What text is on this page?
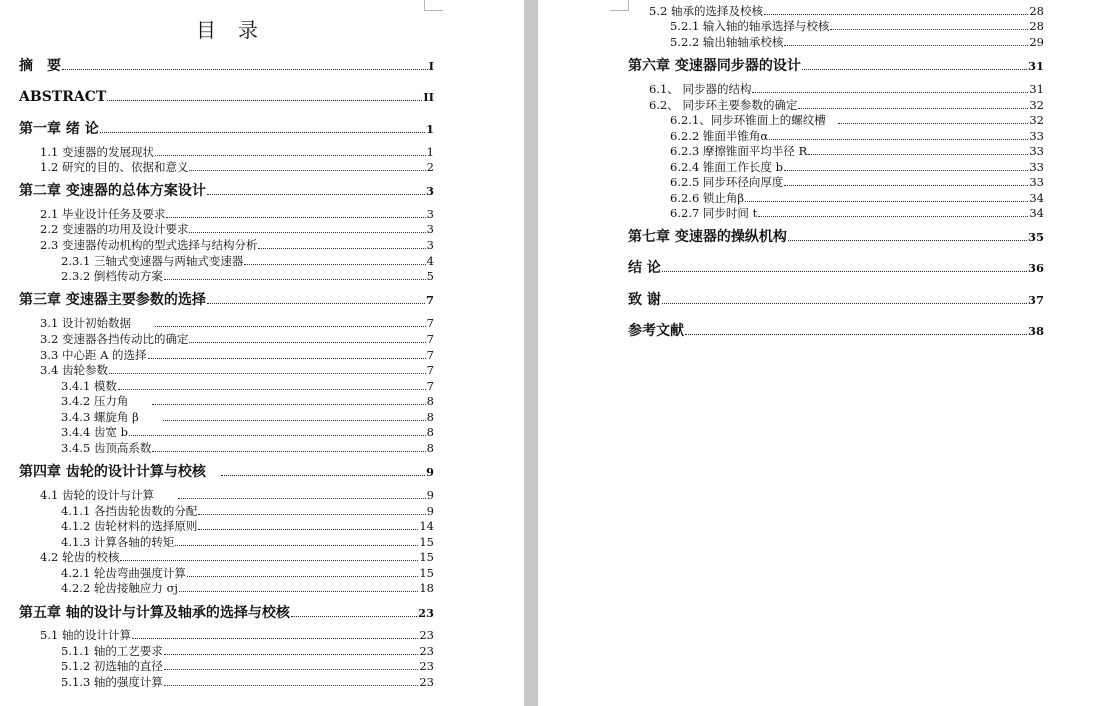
目　录
摘　要	I
ABSTRACT	II
第一章 绪 论	1
1.1 变速器的发展现状	1
1.2 研究的目的、依据和意义	2
第二章 变速器的总体方案设计	3
2.1 毕业设计任务及要求	3
2.2 变速器的功用及设计要求	3
2.3 变速器传动机构的型式选择与结构分析	3
2.3.1 三轴式变速器与两轴式变速器	4
2.3.2 倒档传动方案	5
第三章 变速器主要参数的选择	7
3.1 设计初始数据　　	7
3.2 变速器各挡传动比的确定	7
3.3 中心距 A 的选择	7
3.4 齿轮参数	7
3.4.1 模数	7
3.4.2 压力角　　	8
3.4.3 螺旋角 β　　	8
3.4.4 齿宽 b	8
3.4.5 齿顶高系数	8
第四章 齿轮的设计计算与校核　	9
4.1 齿轮的设计与计算　　	9
4.1.1 各挡齿轮齿数的分配	9
4.1.2 齿轮材料的选择原则	14
4.1.3 计算各轴的转矩	15
4.2 轮齿的校核	15
4.2.1 轮齿弯曲强度计算	15
4.2.2 轮齿接触应力 σj	18
第五章 轴的设计与计算及轴承的选择与校核	23
5.1 轴的设计计算	23
5.1.1 轴的工艺要求	23
5.1.2 初选轴的直径	23
5.1.3 轴的强度计算	23
5.2 轴承的选择及校核	28
5.2.1 输入轴的轴承选择与校核	28
5.2.2 输出轴轴承校核	29
第六章 变速器同步器的设计	31
6.1、 同步器的结构	31
6.2、 同步环主要参数的确定	32
6.2.1、同步环锥面上的螺纹槽　	32
6.2.2 锥面半锥角α	33
6.2.3 摩擦锥面平均半径 R	33
6.2.4 锥面工作长度 b	33
6.2.5 同步环径向厚度	33
6.2.6 锁止角β	34
6.2.7 同步时间 t	34
第七章 变速器的操纵机构	35
结 论	36
致 谢	37
参考文献	38
